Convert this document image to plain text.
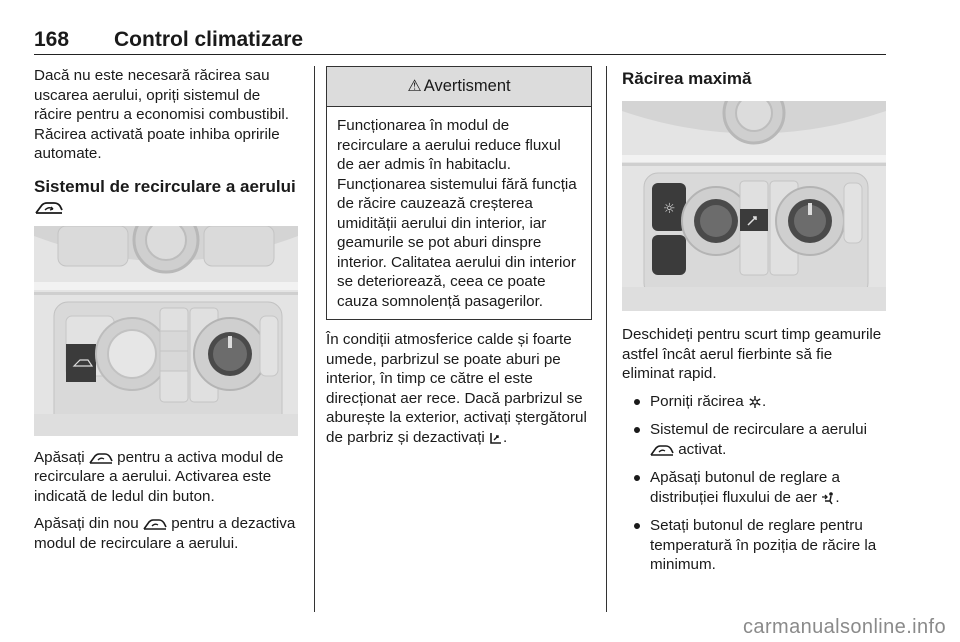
168 Control climatizare

Dacă nu este necesară răcirea sau uscarea aerului, opriți sistemul de răcire pentru a economisi combustibil. Răcirea activată poate inhiba opririle automate.

Sistemul de recirculare a aerului

Apăsați pentru a activa modul de recirculare a aerului. Activarea este indicată de ledul din buton.

Apăsați din nou pentru a dezactiva modul de recirculare a aerului.

⚠ Avertisment
Funcționarea în modul de recirculare a aerului reduce fluxul de aer admis în habitaclu. Funcționarea sistemului fără funcția de răcire cauzează creșterea umidității aerului din interior, iar geamurile se pot aburi dinspre interior. Calitatea aerului din interior se deteriorează, ceea ce poate cauza somnolență pasagerilor.

În condiții atmosferice calde și foarte umede, parbrizul se poate aburi pe interior, în timp ce către el este direcționat aer rece. Dacă parbrizul se aburește la exterior, activați ștergătorul de parbriz și dezactivați .

Răcirea maximă
☼

Deschideți pentru scurt timp geamurile astfel încât aerul fierbinte să fie eliminat rapid.

Porniți răcirea .
Sistemul de recirculare a aerului  activat.
Apăsați butonul de reglare a distribuției fluxului de aer .
Setați butonul de reglare pentru temperatură în poziția de răcire la minimum.
carmanualsonline.info
